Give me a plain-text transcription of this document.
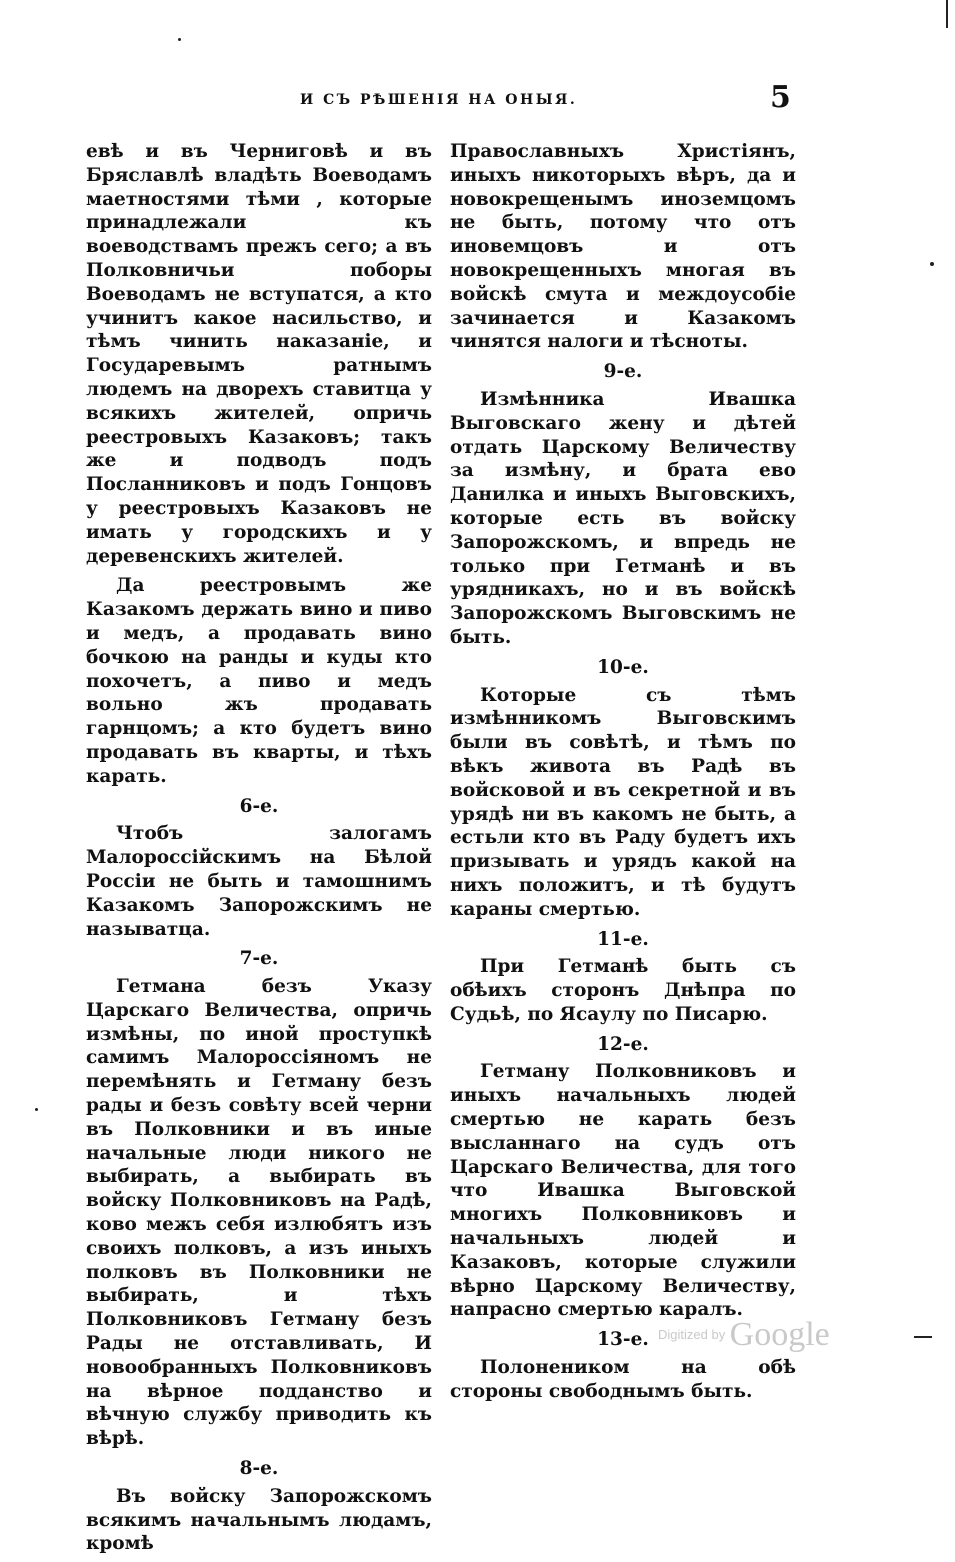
И СЪ РѢШЕНІЯ НА ОНЫЯ.	5

евѣ и въ Черниговѣ и въ Бряславлѣ владѣть Воеводамъ маетностями тѣми , которые принадлежали къ воеводствамъ прежъ сего; а въ Полковничьи поборы Воеводамъ не вступатся, а кто учинитъ какое насильство, и тѣмъ чинить наказаніе, и Государевымъ ратнымъ людемъ на дворехъ ставитца у всякихъ жителей, опричь реестровыхъ Казаковъ; такъ же и подводъ подъ Посланниковъ и подъ Гонцовъ у реестровыхъ Казаковъ не имать у городскихъ и у деревенскихъ жителей.

Да реестровымъ же Казакомъ держать вино и пиво и медъ, а продавать вино бочкою на ранды и куды кто похочетъ, а пиво и медъ вольно жъ продавать гарнцомъ; а кто будетъ вино продавать въ кварты, и тѣхъ карать.

6-е.

Чтобъ залогамъ Малороссійскимъ на Бѣлой Россіи не быть и тамошнимъ Казакомъ Запорожскимъ не называтца.

7-е.

Гетмана безъ Указу Царскаго Величества, опричь измѣны, по иной проступкѣ самимъ Малороссіяномъ не перемѣнять и Гетману безъ рады и безъ совѣту всей черни въ Полковники и въ иные начальные люди никого не выбирать, а выбирать въ войску Полковниковъ на Радѣ, ково межъ себя излюбятъ изъ своихъ полковъ, а изъ иныхъ полковъ въ Полковники не выбирать, и тѣхъ Полковниковъ Гетману безъ Рады не отставливать, И новообранныхъ Полковниковъ на вѣрное подданство и вѣчную службу приводить къ вѣрѣ.

8-е.

Въ войску Запорожскомъ всякимъ начальнымъ людамъ, кромѣ

Православныхъ Христіянъ, иныхъ никоторыхъ вѣръ, да и новокрещенымъ иноземцомъ не быть, потому что отъ иновемцовъ и отъ новокрещенныхъ многая въ войскѣ смута и междоусобіе зачинается и Казакомъ чинятся налоги и тѣсноты.

9-е.

Измѣнника Ивашка Выговскаго жену и дѣтей отдать Царскому Величеству за измѣну, и брата ево Данилка и иныхъ Выговскихъ, которые есть въ войску Запорожскомъ, и впредь не только при Гетманѣ и въ урядникахъ, но и въ войскѣ Запорожскомъ Выговскимъ не быть.

10-е.

Которые съ тѣмъ измѣнникомъ Выговскимъ были въ совѣтѣ, и тѣмъ по вѣкъ живота въ Радѣ въ войсковой и въ секретной и въ урядѣ ни въ какомъ не быть, а естьли кто въ Раду будетъ ихъ призывать и урядъ какой на нихъ положитъ, и тѣ будутъ караны смертью.

11-е.

При Гетманѣ быть съ обѣихъ сторонъ Днѣпра по Судьѣ, по Ясаулу по Писарю.

12-е.

Гетману Полковниковъ и иныхъ начальныхъ людей смертью не карать безъ высланнаго на судъ отъ Царскаго Величества, для того что Ивашка Выговской многихъ Полковниковъ и начальныхъ людей и Казаковъ, которые служили вѣрно Царскому Величеству, напрасно смертью каралъ.

13-е.

Полонеником на обѣ стороны свободнымъ быть.

$^{Digitized by}$ Google
